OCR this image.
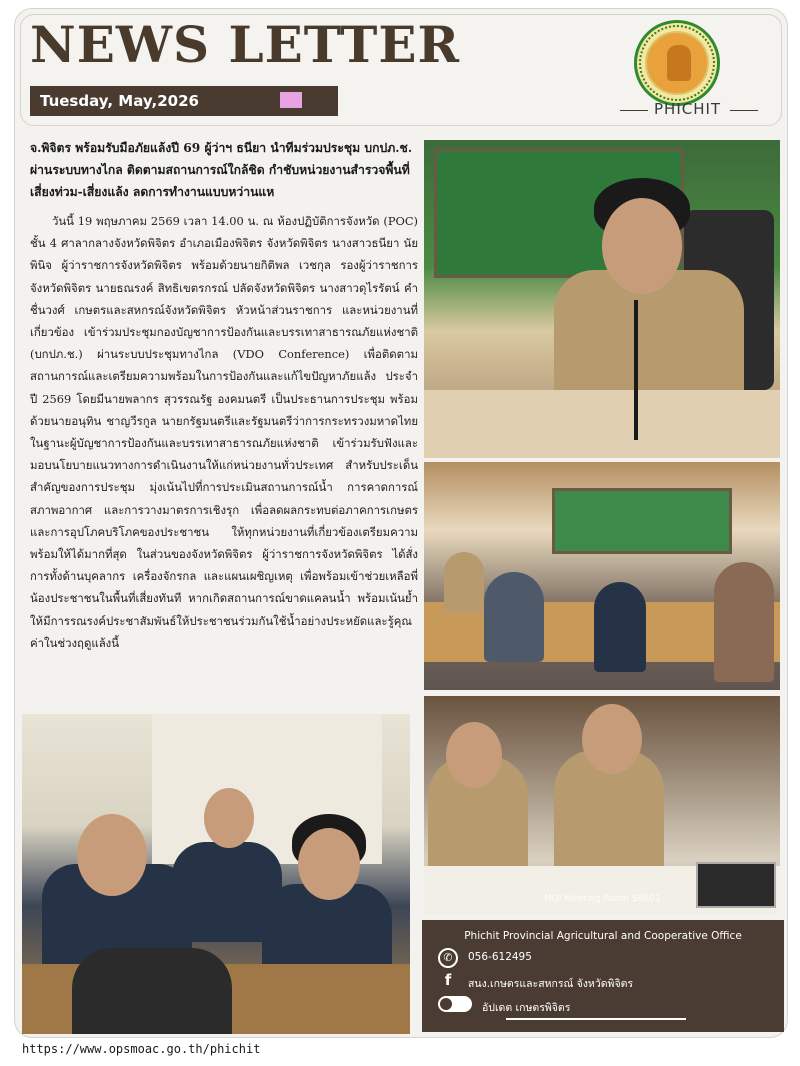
NEWS LETTER
Tuesday, May,2026	PHICHIT
จ.พิจิตร พร้อมรับมือภัยแล้งปี 69 ผู้ว่าฯ ธนียา นำทีมร่วมประชุม บกปภ.ช. ผ่านระบบทางไกล ติดตามสถานการณ์ใกล้ชิด กำชับหน่วยงานสำรวจพื้นที่เสี่ยงท่วม-เสี่ยงแล้ง ลดการทำงานแบบหว่านแห
วันนี้ 19 พฤษภาคม 2569 เวลา 14.00 น. ณ ห้องปฏิบัติการจังหวัด (POC) ชั้น 4 ศาลากลางจังหวัดพิจิตร อำเภอเมืองพิจิตร จังหวัดพิจิตร นางสาวธนียา นัยพินิจ ผู้ว่าราชการจังหวัดพิจิตร พร้อมด้วยนายกิติพล เวชกุล รองผู้ว่าราชการจังหวัดพิจิตร นายธณรงค์ สิทธิเขตรกรณ์ ปลัดจังหวัดพิจิตร นางสาวดุไรรัตน์ คำชื่นวงศ์ เกษตรและสหกรณ์จังหวัดพิจิตร หัวหน้าส่วนราชการ และหน่วยงานที่เกี่ยวข้อง เข้าร่วมประชุมกองบัญชาการป้องกันและบรรเทาสาธารณภัยแห่งชาติ (บกปภ.ช.) ผ่านระบบประชุมทางไกล (VDO Conference) เพื่อติดตามสถานการณ์และเตรียมความพร้อมในการป้องกันและแก้ไขปัญหาภัยแล้ง ประจำปี 2569 โดยมีนายพลากร สุวรรณรัฐ องคมนตรี เป็นประธานการประชุม พร้อมด้วยนายอนุทิน ชาญวีรกูล นายกรัฐมนตรีและรัฐมนตรีว่าการกระทรวงมหาดไทย ในฐานะผู้บัญชาการป้องกันและบรรเทาสาธารณภัยแห่งชาติ เข้าร่วมรับฟังและมอบนโยบายแนวทางการดำเนินงานให้แก่หน่วยงานทั่วประเทศ สำหรับประเด็นสำคัญของการประชุม มุ่งเน้นไปที่การประเมินสถานการณ์น้ำ การคาดการณ์สภาพอากาศ และการวางมาตรการเชิงรุก เพื่อลดผลกระทบต่อภาคการเกษตรและการอุปโภคบริโภคของประชาชน ให้ทุกหน่วยงานที่เกี่ยวข้องเตรียมความพร้อมให้ได้มากที่สุด ในส่วนของจังหวัดพิจิตร ผู้ว่าราชการจังหวัดพิจิตร ได้สั่งการทั้งด้านบุคลากร เครื่องจักรกล และแผนเผชิญเหตุ เพื่อพร้อมเข้าช่วยเหลือพี่น้องประชาชนในพื้นที่เสี่ยงทันที หากเกิดสถานการณ์ขาดแคลนน้ำ พร้อมเน้นย้ำให้มีการรณรงค์ประชาสัมพันธ์ให้ประชาชนร่วมกันใช้น้ำอย่างประหยัดและรู้คุณค่าในช่วงฤดูแล้งนี้
MOI Meeting Room S6601
Phichit Provincial Agricultural and Cooperative Office
✆	056-612495
f	สนง.เกษตรและสหกรณ์ จังหวัดพิจิตร
อัปเดต เกษตรพิจิตร
https://www.opsmoac.go.th/phichit
